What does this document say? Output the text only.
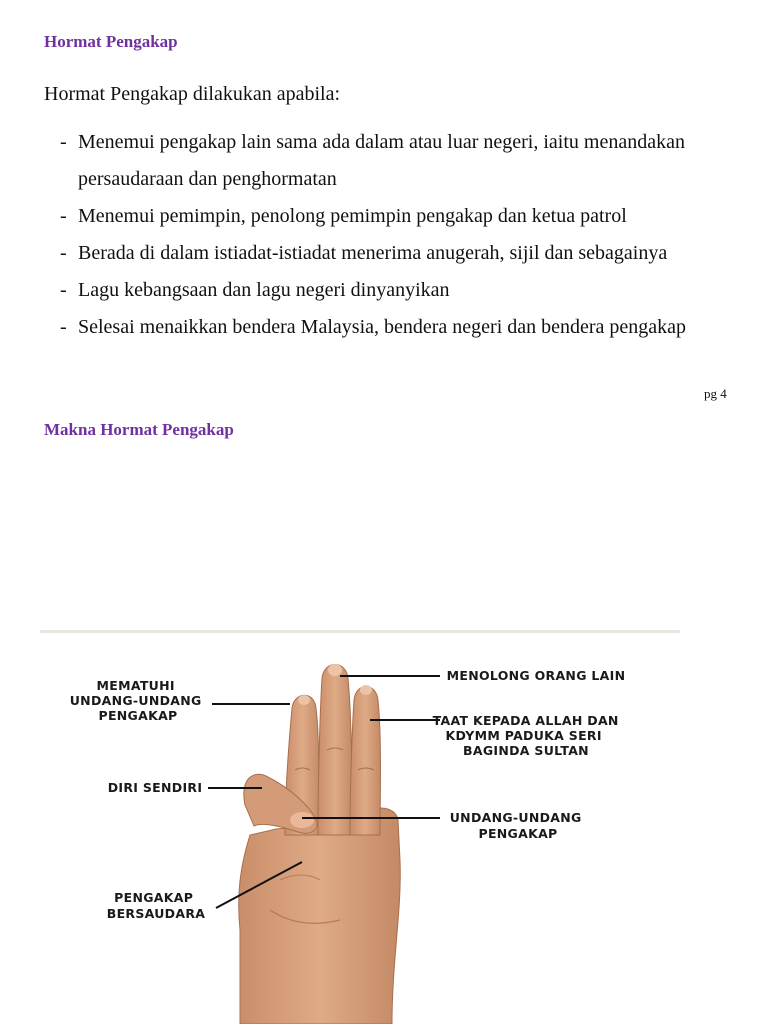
Hormat Pengakap

Hormat Pengakap dilakukan apabila:

- Menemui pengakap lain sama ada dalam atau luar negeri, iaitu menandakan persaudaraan dan penghormatan
- Menemui pemimpin, penolong pemimpin pengakap dan ketua patrol
- Berada di dalam istiadat-istiadat menerima anugerah, sijil dan sebagainya
- Lagu kebangsaan dan lagu negeri dinyanyikan
- Selesai menaikkan bendera Malaysia, bendera negeri dan bendera pengakap
pg 4
Makna Hormat Pengakap
MEMATUHI UNDANG-UNDANG PENGAKAP
DIRI SENDIRI
PENGAKAP BERSAUDARA
MENOLONG ORANG LAIN
TAAT KEPADA ALLAH DAN KDYMM PADUKA SERI BAGINDA SULTAN
UNDANG-UNDANG PENGAKAP
